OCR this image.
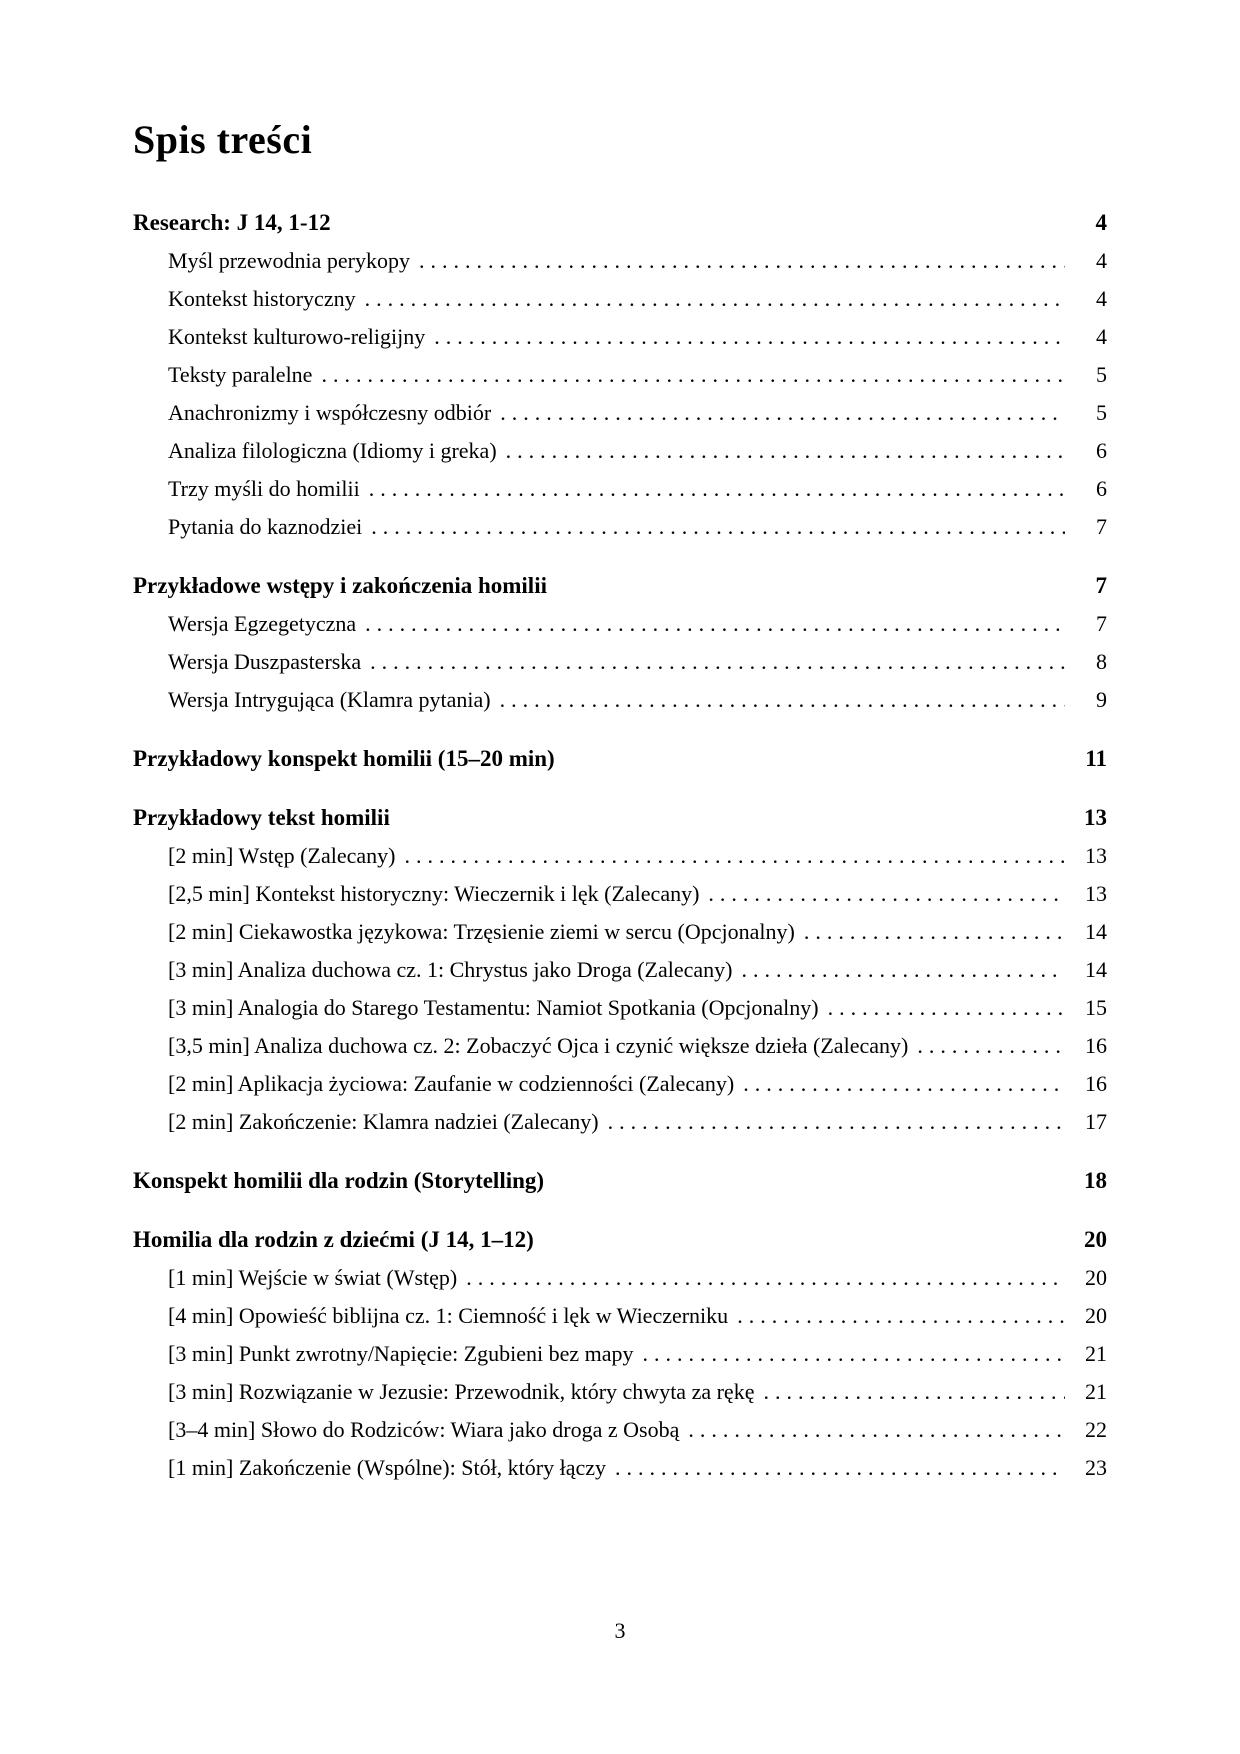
Spis treści
Research: J 14, 1-12	4
Myśl przewodnia perykopy .....	4
Kontekst historyczny .....	4
Kontekst kulturowo-religijny .....	4
Teksty paralelne .....	5
Anachronizmy i współczesny odbiór .....	5
Analiza filologiczna (Idiomy i greka) .....	6
Trzy myśli do homilii .....	6
Pytania do kaznodziei .....	7
Przykładowe wstępy i zakończenia homilii	7
Wersja Egzegetyczna .....	7
Wersja Duszpasterska .....	8
Wersja Intrygująca (Klamra pytania) .....	9
Przykładowy konspekt homilii (15–20 min)	11
Przykładowy tekst homilii	13
[2 min] Wstęp (Zalecany) .....	13
[2,5 min] Kontekst historyczny: Wieczernik i lęk (Zalecany) .....	13
[2 min] Ciekawostka językowa: Trzęsienie ziemi w sercu (Opcjonalny) .....	14
[3 min] Analiza duchowa cz. 1: Chrystus jako Droga (Zalecany) .....	14
[3 min] Analogia do Starego Testamentu: Namiot Spotkania (Opcjonalny) .....	15
[3,5 min] Analiza duchowa cz. 2: Zobaczyć Ojca i czynić większe dzieła (Zalecany) .....	16
[2 min] Aplikacja życiowa: Zaufanie w codzienności (Zalecany) .....	16
[2 min] Zakończenie: Klamra nadziei (Zalecany) .....	17
Konspekt homilii dla rodzin (Storytelling)	18
Homilia dla rodzin z dziećmi (J 14, 1–12)	20
[1 min] Wejście w świat (Wstęp) .....	20
[4 min] Opowieść biblijna cz. 1: Ciemność i lęk w Wieczerniku .....	20
[3 min] Punkt zwrotny/Napięcie: Zgubieni bez mapy .....	21
[3 min] Rozwiązanie w Jezusie: Przewodnik, który chwyta za rękę .....	21
[3–4 min] Słowo do Rodziców: Wiara jako droga z Osobą .....	22
[1 min] Zakończenie (Wspólne): Stół, który łączy .....	23
3
